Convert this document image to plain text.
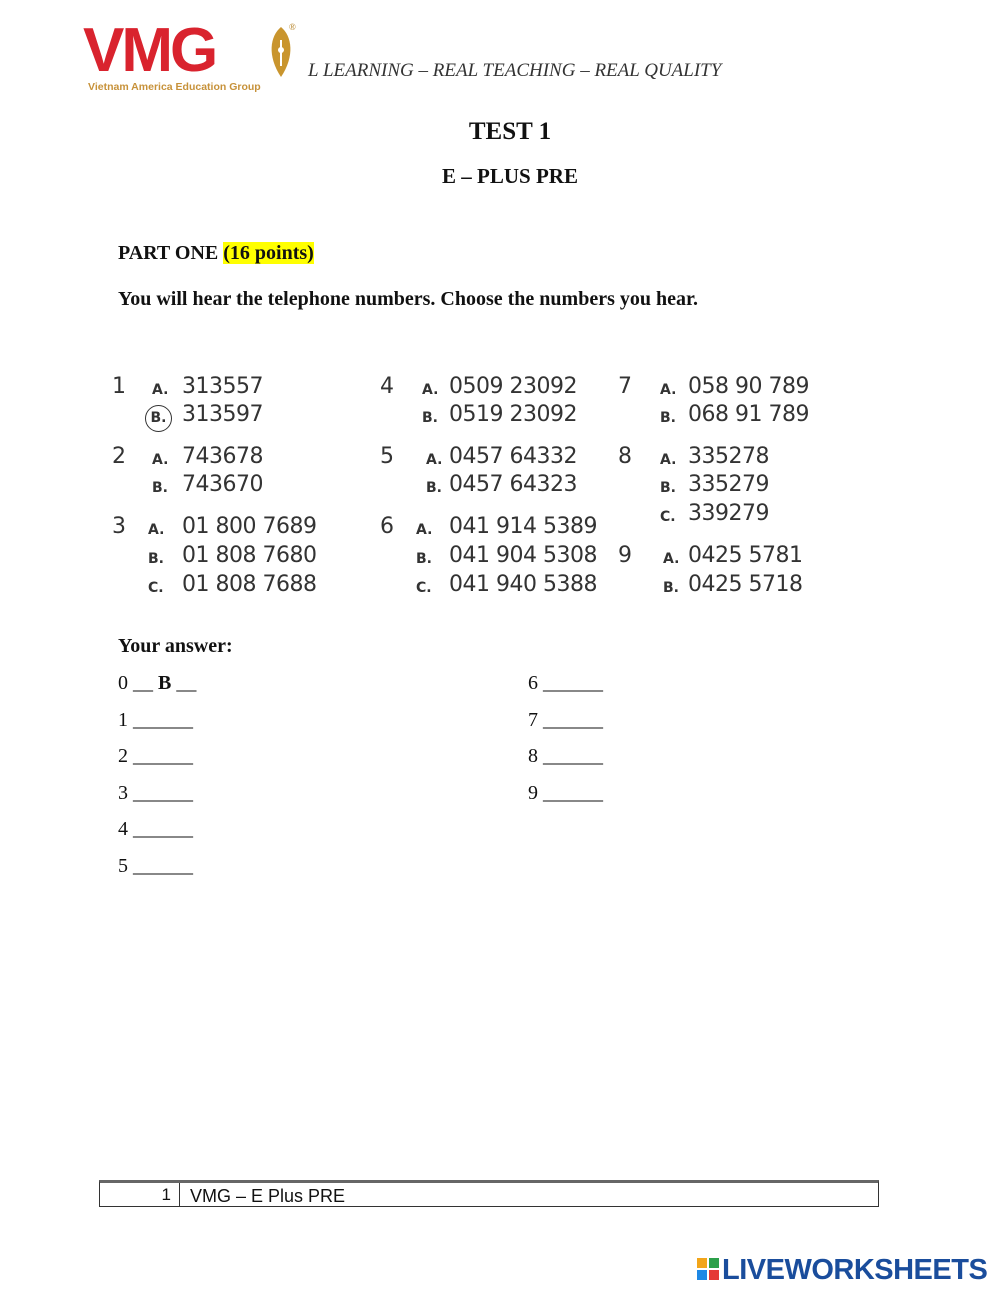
VMG	®
Vietnam America Education Group
L LEARNING – REAL TEACHING – REAL QUALITY
TEST 1
E – PLUS PRE
PART ONE (16 points)
You will hear the telephone numbers. Choose the numbers you hear.
1 A. 313557
B. 313597
2 A. 743678
B. 743670
3 A. 01 800 7689
B. 01 808 7680
C. 01 808 7688
4 A. 0509 23092
B. 0519 23092
5 A. 0457 64332
B. 0457 64323
6 A. 041 914 5389
B. 041 904 5308
C. 041 940 5388
7 A. 058 90 789
B. 068 91 789
8 A. 335278
B. 335279
C. 339279
9 A. 0425 5781
B. 0425 5718
Your answer:
0 __ B __
1 ______
2 ______
3 ______
4 ______
5 ______
6 ______
7 ______
8 ______
9 ______
1	VMG – E Plus PRE
LIVEWORKSHEETS
